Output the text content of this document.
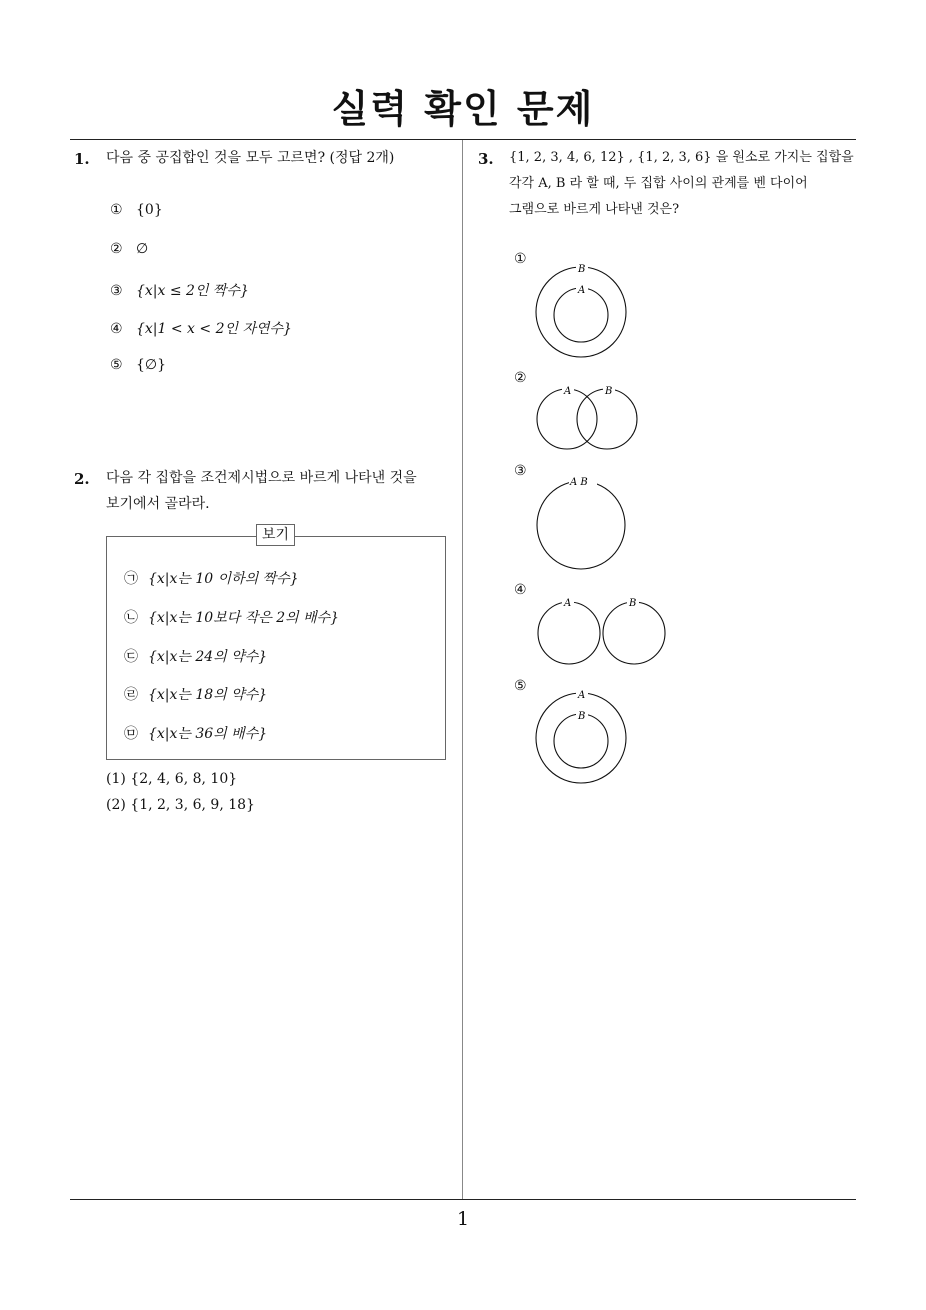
실력 확인 문제
1. 다음 중 공집합인 것을 모두 고르면? (정답 2개)
① {0}
② ∅
③ {x|x ≤ 2인 짝수}
④ {x|1 < x < 2인 자연수}
⑤ {∅}
2. 다음 각 집합을 조건제시법으로 바르게 나타낸 것을
보기에서 골라라.
보기
㉠ {x|x는 10 이하의 짝수}
㉡ {x|x는 10보다 작은 2의 배수}
㉢ {x|x는 24의 약수}
㉣ {x|x는 18의 약수}
㉤ {x|x는 36의 배수}
(1) {2, 4, 6, 8, 10}
(2) {1, 2, 3, 6, 9, 18}
3. {1, 2, 3, 4, 6, 12} , {1, 2, 3, 6} 을 원소로 가지는 집합을
각각 A, B 라 할 때, 두 집합 사이의 관계를 벤 다이어
그램으로 바르게 나타낸 것은?
①
B
A
②
A	B
③
A B
④
A	B
⑤
A
B
1
